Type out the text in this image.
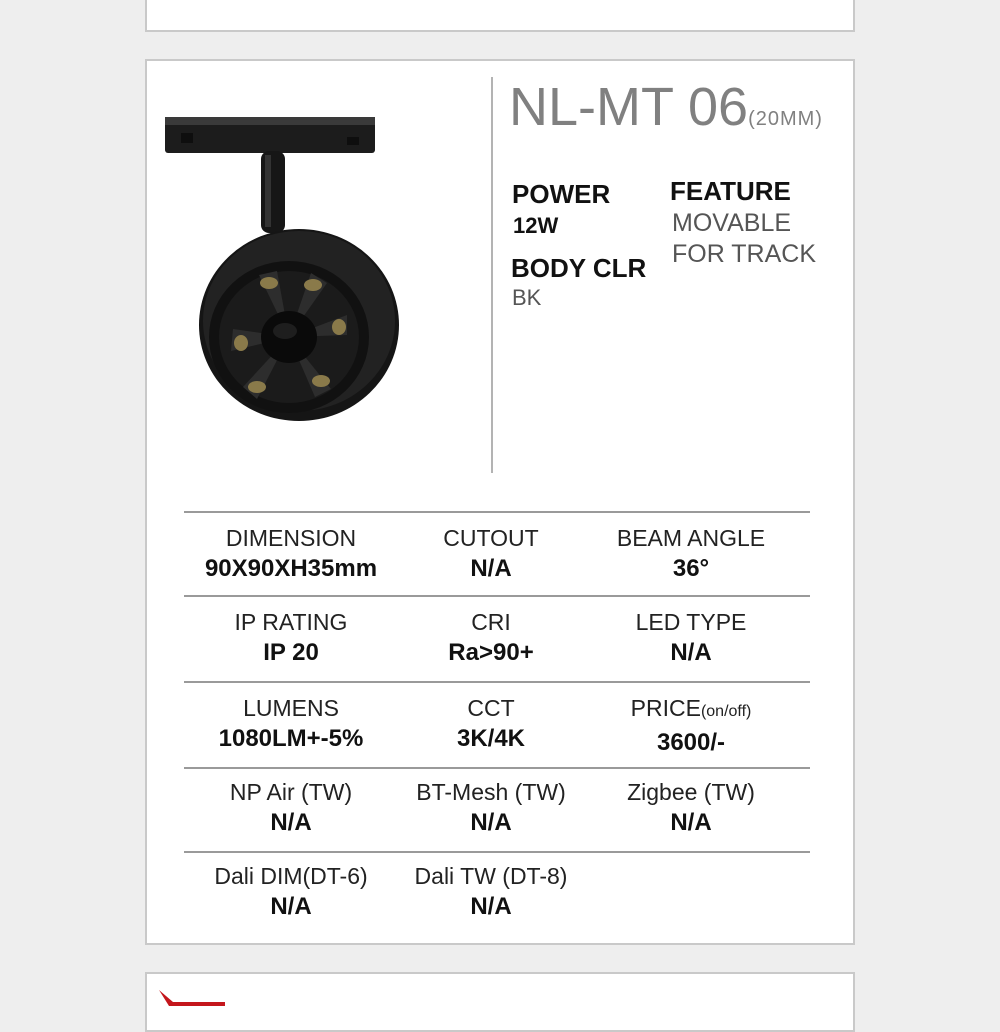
NL-MT 06(20MM)
POWER
12W
BODY CLR
BK
FEATURE
MOVABLE
FOR TRACK
DIMENSION
90X90XH35mm
CUTOUT
N/A
BEAM ANGLE
36°
IP RATING
IP 20
CRI
Ra>90+
LED TYPE
N/A
LUMENS
1080LM+-5%
CCT
3K/4K
PRICE(on/off)
3600/-
NP Air (TW)
N/A
BT-Mesh (TW)
N/A
Zigbee (TW)
N/A
Dali DIM(DT-6)
N/A
Dali TW (DT-8)
N/A
